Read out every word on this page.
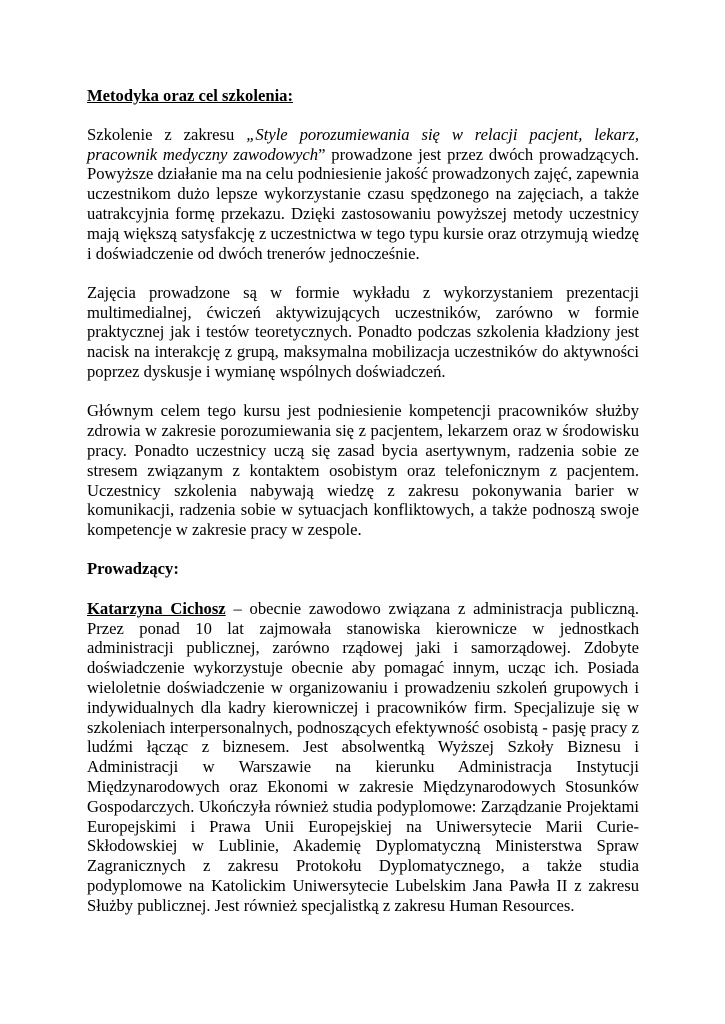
Metodyka oraz cel szkolenia:

Szkolenie z zakresu „Style porozumiewania się w relacji pacjent, lekarz, pracownik medyczny zawodowych” prowadzone jest przez dwóch prowadzących. Powyższe działanie ma na celu podniesienie jakość prowadzonych zajęć, zapewnia uczestnikom dużo lepsze wykorzystanie czasu spędzonego na zajęciach, a także uatrakcyjnia formę przekazu. Dzięki zastosowaniu powyższej metody uczestnicy mają większą satysfakcję z uczestnictwa w tego typu kursie oraz otrzymują wiedzę i doświadczenie od dwóch trenerów jednocześnie.

Zajęcia prowadzone są w formie wykładu z wykorzystaniem prezentacji multimedialnej, ćwiczeń aktywizujących uczestników, zarówno w formie praktycznej jak i testów teoretycznych. Ponadto podczas szkolenia kładziony jest nacisk na interakcję z grupą, maksymalna mobilizacja uczestników do aktywności poprzez dyskusje i wymianę wspólnych doświadczeń.

Głównym celem tego kursu jest podniesienie kompetencji pracowników służby zdrowia w zakresie porozumiewania się z pacjentem, lekarzem oraz w środowisku pracy. Ponadto uczestnicy uczą się zasad bycia asertywnym, radzenia sobie ze stresem związanym z kontaktem osobistym oraz telefonicznym z pacjentem. Uczestnicy szkolenia nabywają wiedzę z zakresu pokonywania barier w komunikacji, radzenia sobie w sytuacjach konfliktowych, a także podnoszą swoje kompetencje w zakresie pracy w zespole.

Prowadzący:

Katarzyna Cichosz – obecnie zawodowo związana z administracja publiczną. Przez ponad 10 lat zajmowała stanowiska kierownicze w jednostkach administracji publicznej, zarówno rządowej jaki i samorządowej. Zdobyte doświadczenie wykorzystuje obecnie aby pomagać innym, ucząc ich. Posiada wieloletnie doświadczenie w organizowaniu i prowadzeniu szkoleń grupowych i indywidualnych dla kadry kierowniczej i pracowników firm. Specjalizuje się w szkoleniach interpersonalnych, podnoszących efektywność osobistą - pasję pracy z ludźmi łącząc z biznesem. Jest absolwentką Wyższej Szkoły Biznesu i Administracji w Warszawie na kierunku Administracja Instytucji Międzynarodowych oraz Ekonomi w zakresie Międzynarodowych Stosunków Gospodarczych. Ukończyła również studia podyplomowe: Zarządzanie Projektami Europejskimi i Prawa Unii Europejskiej na Uniwersytecie Marii Curie-Skłodowskiej w Lublinie, Akademię Dyplomatyczną Ministerstwa Spraw Zagranicznych z zakresu Protokołu Dyplomatycznego, a także studia podyplomowe na Katolickim Uniwersytecie Lubelskim Jana Pawła II z zakresu Służby publicznej. Jest również specjalistką z zakresu Human Resources.
